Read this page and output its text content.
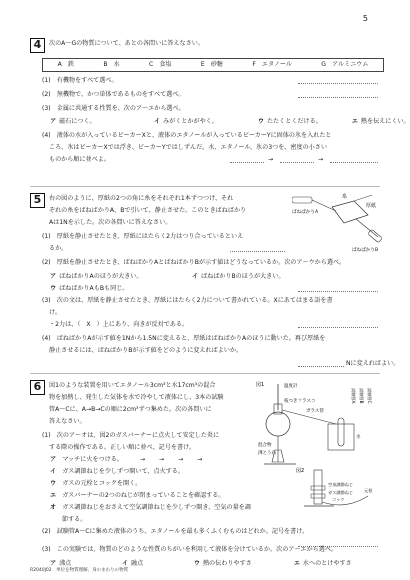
5
4 次のA～Gの物質について、あとの各問いに答えなさい。
A　鉄	B　水	C　食塩	E　砂糖	F　エタノール	G　アルミニウム
(1)　有機物をすべて選べ。
(2)　無機物で、かつ単体であるものをすべて選べ。
(3)　金属に共通する性質を、次のア～エから選べ。
ア 磁石につく。	イ みがくとかがやく。	ウ たたくとくだける。	エ 熱を伝えにくい。
(4)　液体の水が入っているビーカーXと、液体のエタノールが入っているビーカーYに固体の氷を入れたと
ころ、氷はビーカーXでは浮き、ビーカーYではしずんだ。水、エタノール、氷の3つを、密度の小さい
ものから順に並べよ。	→	→
5 右の図のように、厚紙の2つの角に糸をそれぞれ1本ずつつけ、それ
ぞれの糸をばねばかりA、Bで引いて、静止させた。このときばねばかり
Aは1Nを示した。次の各問いに答えなさい。
糸
厚紙
ばねばかりA
ばねばかりB
(1)　厚紙を静止させたとき、厚紙にはたらく2力はつり合っているといえ
るか。
(2)　厚紙を静止させたとき、ばねばかりAとばねばかりBが示す値はどうなっているか。次のア～ウから選べ。
ア ばねばかりAのほうが大きい。	イ ばねばかりBのほうが大きい。
ウ ばねばかりAもBも同じ。
(3)　次の文は、厚紙を静止させたとき、厚紙にはたらく2力について書かれている。Xにあてはまる語を書
け。
・2力は、（　X　）上にあり、向きが反対である。
(4)　ばねばかりAが示す値を1Nから1.5Nに変えると、厚紙はばねばかりAのほうに動いた。再び厚紙を
静止させるには、ばねばかりBが示す値をどのように変えればよいか。
Nに変えればよい。
6 図1のような装置を用いてエタノール3cm³と水17cm³の混合
物を加熱し、発生した気体を水で冷やして液体にし、3本の試験
管A～Cに、A→B→Cの順に2cm³ずつ集めた。次の各問いに
答えなさい。
図1	温度計
枝つきフラスコ
ガラス管
混合物
沸とう石
水
試験管A 試験管B 試験管C
図2
空気調節ねじ
ガス調節ねじ
コック
元栓
(1)　次のア～オは、図2のガスバーナーに点火して安定した炎に
する際の操作である。正しい順に並べ、記号を書け。
ア　 マッチに火をつける。	→ → → →
イ　 ガス調節ねじを少しずつ開いて、点火する。
ウ　 ガスの元栓とコックを開く。
エ　 ガスバーナーの2つのねじが閉まっていることを確認する。
オ　 ガス調節ねじをおさえて空気調節ねじを少しずつ開き、空気の量を調
節する。
(2)　試験管A～Cに集めた液体のうち、エタノールを最も多くふくむものはどれか。記号を書け。
(3)　この実験では、物質のどのような性質のちがいを利用して液体を分けているか。次のア～エから選べ。
ア 沸点	イ 融点	ウ 熱の伝わりやすさ	エ 水へのとけやすさ
R2040J02　単位を物質理解、身のまわりの物質
